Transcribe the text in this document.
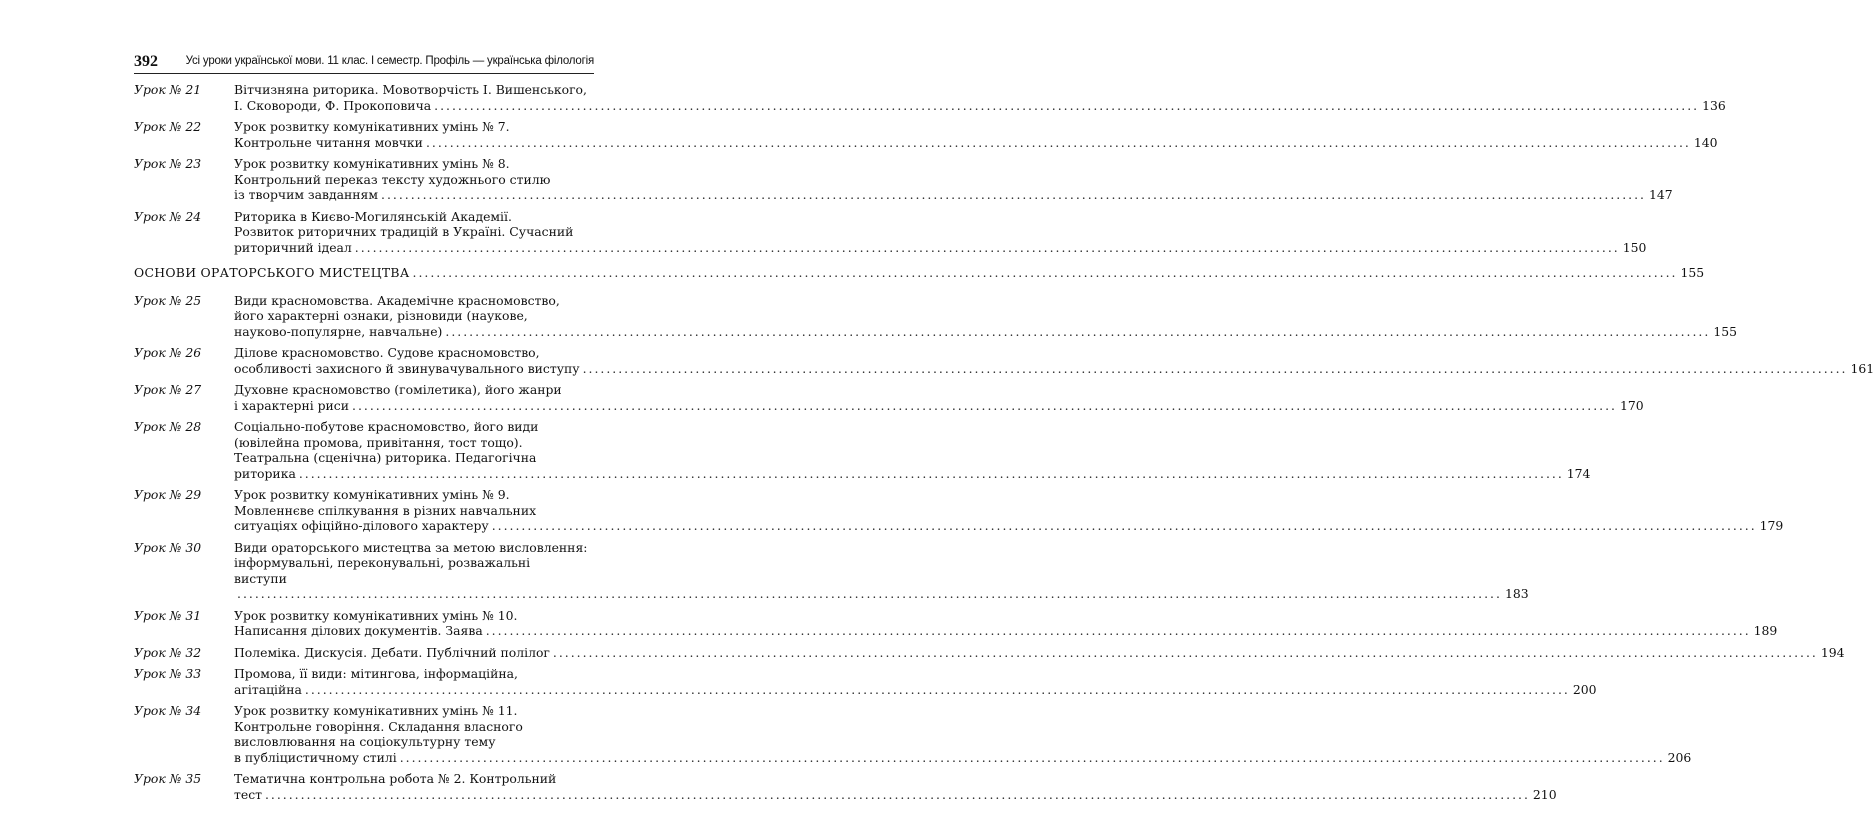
392 Усі уроки української мови. 11 клас. I семестр. Профіль — українська філологія
Урок № 21	Вітчизняна риторика. Мовотворчість І. Вишенського,
І. Сковороди, Ф. Прокоповича .....	136
Урок № 22	Урок розвитку комунікативних умінь № 7.
Контрольне читання мовчки .....	140
Урок № 23	Урок розвитку комунікативних умінь № 8.
Контрольний переказ тексту художнього стилю
із творчим завданням .....	147
Урок № 24	Риторика в Києво-Могилянській Академії.
Розвиток риторичних традицій в Україні. Сучасний
риторичний ідеал .....	150
ОСНОВИ ОРАТОРСЬКОГО МИСТЕЦТВА .....	155
Урок № 25	Види красномовства. Академічне красномовство,
його характерні ознаки, різновиди (наукове,
науково-популярне, навчальне) .....	155
Урок № 26	Ділове красномовство. Судове красномовство,
особливості захисного й звинувачувального виступу .....	161
Урок № 27	Духовне красномовство (гомілетика), його жанри
і характерні риси .....	170
Урок № 28	Соціально-побутове красномовство, його види
(ювілейна промова, привітання, тост тощо).
Театральна (сценічна) риторика. Педагогічна
риторика .....	174
Урок № 29	Урок розвитку комунікативних умінь № 9.
Мовленнєве спілкування в різних навчальних
ситуаціях офіційно-ділового характеру .....	179
Урок № 30	Види ораторського мистецтва за метою висловлення:
інформувальні, переконувальні, розважальні
виступи
.....
183
Урок № 31	Урок розвитку комунікативних умінь № 10.
Написання ділових документів. Заява .....	189
Урок № 32	Полеміка. Дискусія. Дебати. Публічний полілог .....	194
Урок № 33	Промова, її види: мітингова, інформаційна,
агітаційна .....	200
Урок № 34	Урок розвитку комунікативних умінь № 11.
Контрольне говоріння. Складання власного
висловлювання на соціокультурну тему
в публіцистичному стилі .....	206
Урок № 35	Тематична контрольна робота № 2. Контрольний
тест .....	210
